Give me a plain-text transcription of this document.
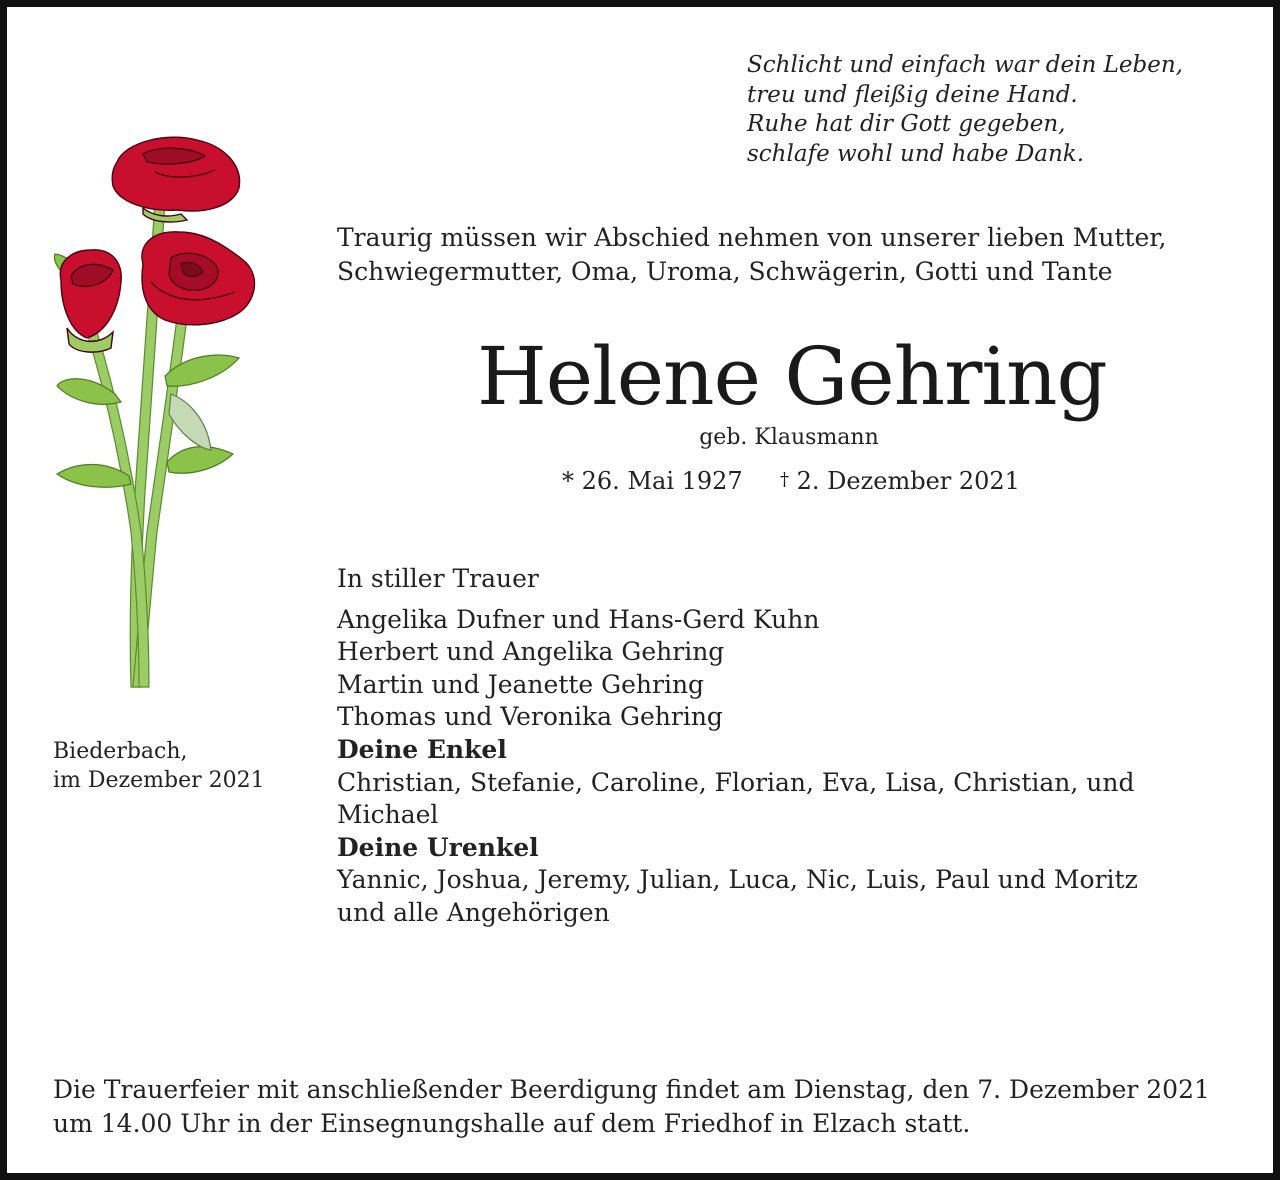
Schlicht und einfach war dein Leben,
treu und fleißig deine Hand.
Ruhe hat dir Gott gegeben,
schlafe wohl und habe Dank.
Traurig müssen wir Abschied nehmen von unserer lieben Mutter,
Schwiegermutter, Oma, Uroma, Schwägerin, Gotti und Tante
Helene Gehring
geb. Klausmann
* 26. Mai 1927 † 2. Dezember 2021
Biederbach,
im Dezember 2021
In stiller Trauer
Angelika Dufner und Hans-Gerd Kuhn
Herbert und Angelika Gehring
Martin und Jeanette Gehring
Thomas und Veronika Gehring
Deine Enkel
Christian, Stefanie, Caroline, Florian, Eva, Lisa, Christian, und Michael
Deine Urenkel
Yannic, Joshua, Jeremy, Julian, Luca, Nic, Luis, Paul und Moritz
und alle Angehörigen
Die Trauerfeier mit anschließender Beerdigung findet am Dienstag, den 7. Dezember 2021
um 14.00 Uhr in der Einsegnungshalle auf dem Friedhof in Elzach statt.
